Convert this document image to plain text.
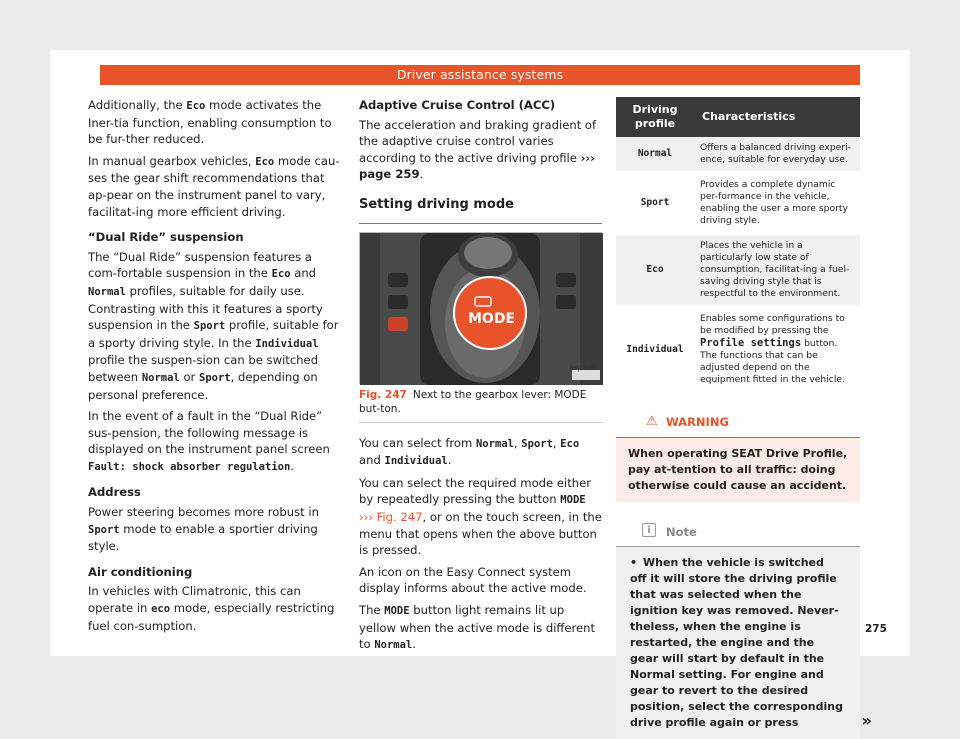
Driver assistance systems

Additionally, the Eco mode activates the Iner-tia function, enabling consumption to be fur-ther reduced.

In manual gearbox vehicles, Eco mode cau-ses the gear shift recommendations that ap-pear on the instrument panel to vary, facilitat-ing more efficient driving.

“Dual Ride” suspension

The “Dual Ride” suspension features a com-fortable suspension in the Eco and Normal profiles, suitable for daily use. Contrasting with this it features a sporty suspension in the Sport profile, suitable for a sporty driving style. In the Individual profile the suspen-sion can be switched between Normal or Sport, depending on personal preference.

In the event of a fault in the “Dual Ride” sus-pension, the following message is displayed on the instrument panel screen Fault: shock absorber regulation.

Address

Power steering becomes more robust in Sport mode to enable a sportier driving style.

Air conditioning

In vehicles with Climatronic, this can operate in eco mode, especially restricting fuel con-sumption.

Adaptive Cruise Control (ACC)

The acceleration and braking gradient of the adaptive cruise control varies according to the active driving profile ››› page 259.

Setting driving mode
MODE
BKJ-0187
Fig. 247 Next to the gearbox lever: MODE but-ton.

You can select from Normal, Sport, Eco and Individual.

You can select the required mode either by repeatedly pressing the button MODE
››› Fig. 247, or on the touch screen, in the menu that opens when the above button is pressed.

An icon on the Easy Connect system display informs about the active mode.

The MODE button light remains lit up yellow when the active mode is different to Normal.

Driving profile	Characteristics
Normal	Offers a balanced driving experi-ence, suitable for everyday use.
Sport	Provides a complete dynamic per-formance in the vehicle, enabling the user a more sporty driving style.
Eco	Places the vehicle in a particularly low state of consumption, facilitat-ing a fuel-saving driving style that is respectful to the environment.
Individual	Enables some configurations to be modified by pressing the Profile settings button. The functions that can be adjusted depend on the equipment fitted in the vehicle.
⚠ WARNING
When operating SEAT Drive Profile, pay at-tention to all traffic: doing otherwise could cause an accident.
i	Note
• When the vehicle is switched off it will store the driving profile that was selected when the ignition key was removed. Never-theless, when the engine is restarted, the engine and the gear will start by default in the Normal setting. For engine and gear to revert to the desired position, select the corresponding drive profile again or press	»
275
